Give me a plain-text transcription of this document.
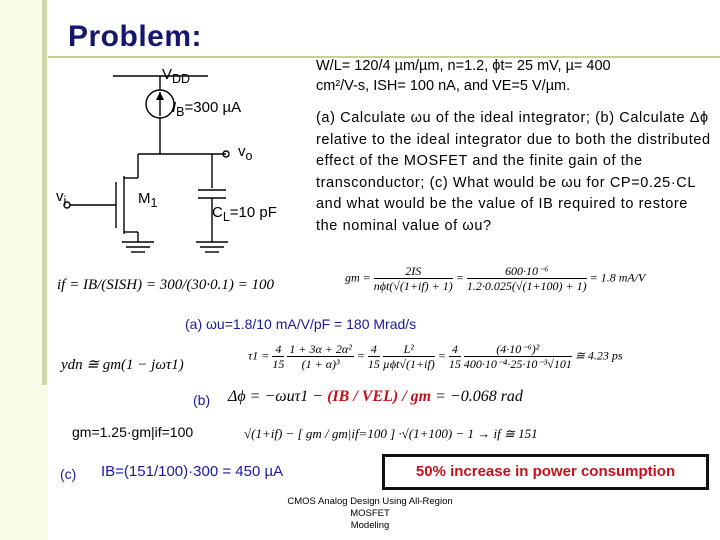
Problem:
$V_{DD}$
$I_B=300$ µA
$v_o$
$v_i$	$M_1$
$C_L=10$ pF
W/L= 120/4 µm/µm, n=1.2, ϕt= 25 mV, µ= 400
cm²/V-s, ISH= 100 nA, and VE=5 V/µm.
(a) Calculate ωu of the ideal integrator; (b) Calculate Δϕ relative to the ideal integrator due to both the distributed effect of the MOSFET and the finite gain of the transconductor; (c) What would be ωu for CP=0.25·CL and what would be the value of IB required to restore the nominal value of ωu?
if = IB/(SISH) = 300/(30·0.1) = 100	gm = $\frac{2IS}{\text{nϕt(√(1+if) + 1)}} = \frac{\text{600·10⁻⁶}}{1.2\cdot 0.025(√(1+100) + 1)} = 1.8$ mA/V
(a) ωu=1.8/10 mA/V/pF = 180 Mrad/s
ydn ≅ gm(1 − jωτ1)
$\tau 1 = \frac{4}{15}$
$\frac{\text{1 + 3α + 2α²}}{\text{(1 + α)³}} = \frac{4}{15}$
$\frac{\text{L²}}{\text{µϕt√(1+if)}} = \frac{4}{15}$
$\frac{\text{(4·10⁻⁶)²}}{\text{400·10⁻⁴·25·10⁻³√101}}$ ≅ 4.23 ps
(b) Δϕ = −ωuτ1 − (IB / VEL) / gm = −0.068 rad
gm=1.25·gm|if=100	√(1+if) − [ gm / gm|if=100 ] ·√(1+100) − 1 → if ≅ 151
(c) IB=(151/100)·300 = 450 µA	50% increase in power consumption
CMOS Analog Design Using All-Region MOSFET
Modeling
